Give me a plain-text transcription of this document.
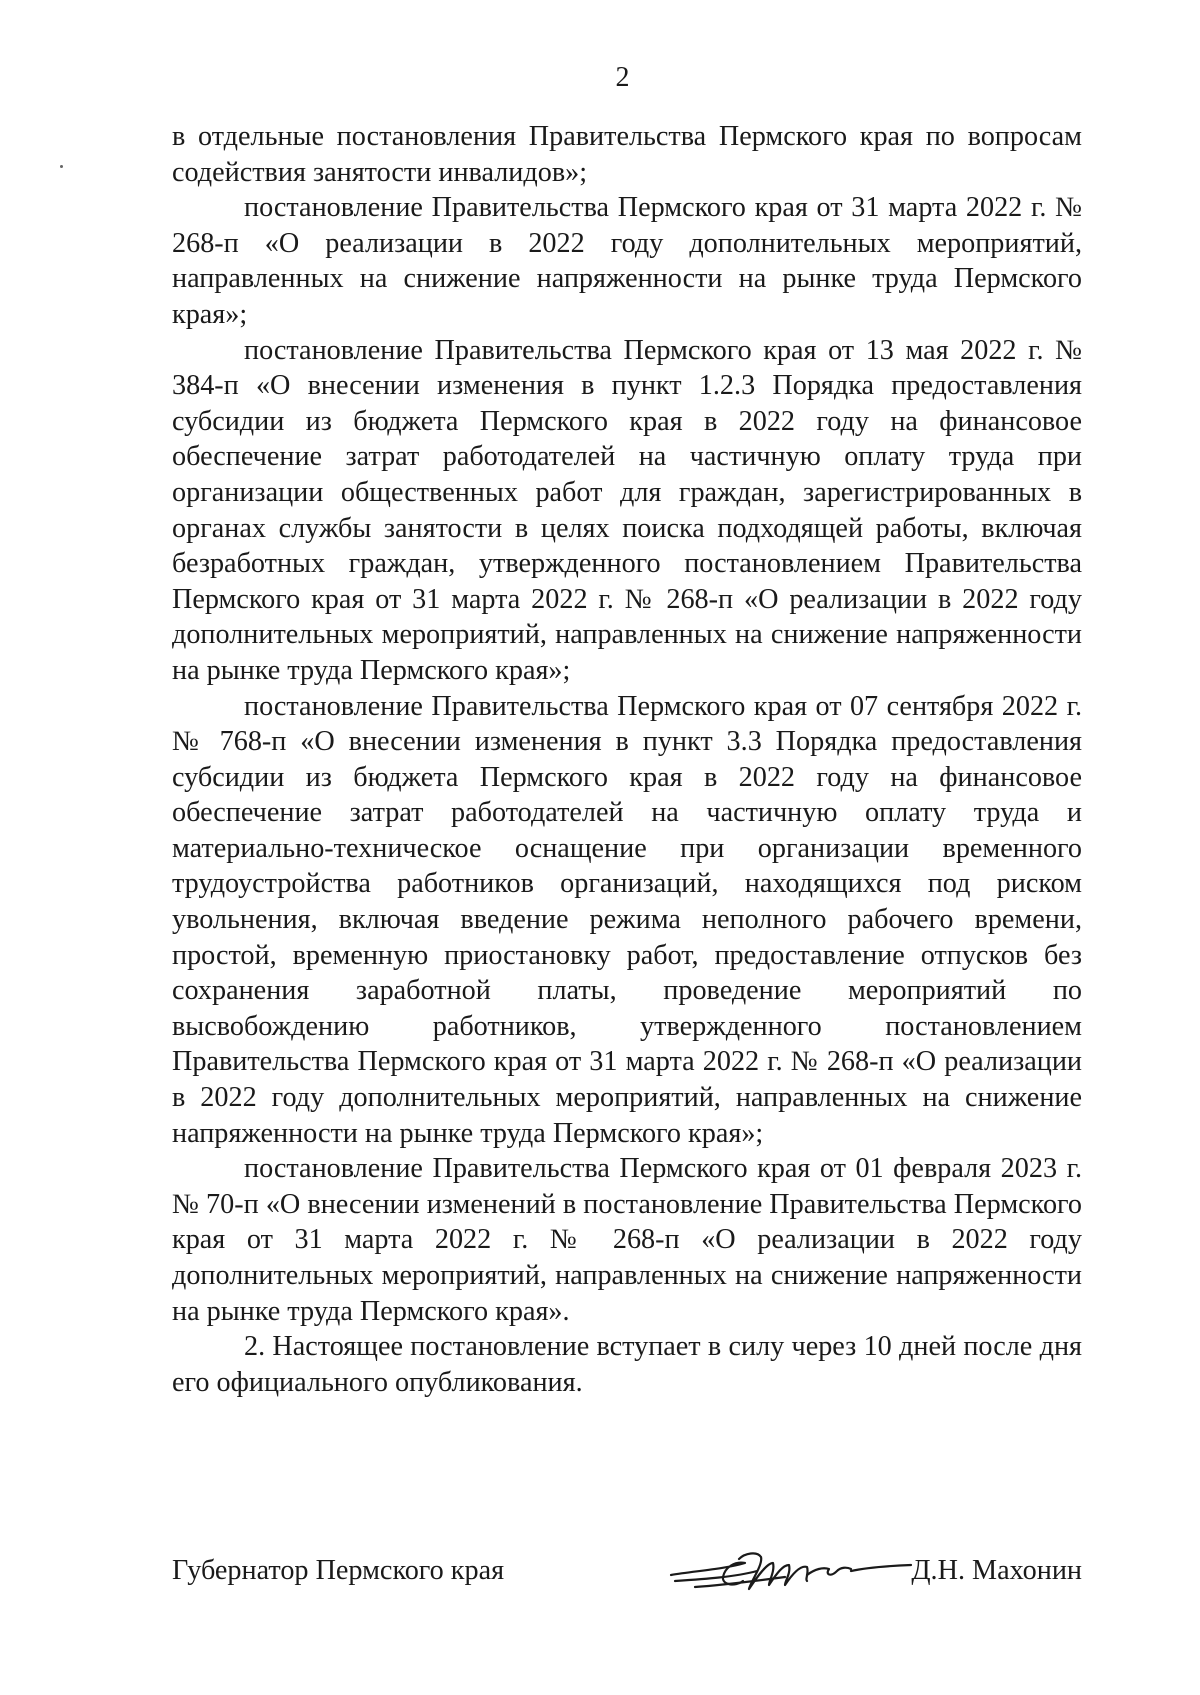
2

в отдельные постановления Правительства Пермского края по вопросам содействия занятости инвалидов»;

постановление Правительства Пермского края от 31 марта 2022 г. № 268-п «О реализации в 2022 году дополнительных мероприятий, направленных на снижение напряженности на рынке труда Пермского края»;

постановление Правительства Пермского края от 13 мая 2022 г. № 384-п «О внесении изменения в пункт 1.2.3 Порядка предоставления субсидии из бюджета Пермского края в 2022 году на финансовое обеспечение затрат работодателей на частичную оплату труда при организации общественных работ для граждан, зарегистрированных в органах службы занятости в целях поиска подходящей работы, включая безработных граждан, утвержденного постановлением Правительства Пермского края от 31 марта 2022 г. № 268-п «О реализации в 2022 году дополнительных мероприятий, направленных на снижение напряженности на рынке труда Пермского края»;

постановление Правительства Пермского края от 07 сентября 2022 г. № 768-п «О внесении изменения в пункт 3.3 Порядка предоставления субсидии из бюджета Пермского края в 2022 году на финансовое обеспечение затрат работодателей на частичную оплату труда и материально-техническое оснащение при организации временного трудоустройства работников организаций, находящихся под риском увольнения, включая введение режима неполного рабочего времени, простой, временную приостановку работ, предоставление отпусков без сохранения заработной платы, проведение мероприятий по высвобождению работников, утвержденного постановлением Правительства Пермского края от 31 марта 2022 г. № 268-п «О реализации в 2022 году дополнительных мероприятий, направленных на снижение напряженности на рынке труда Пермского края»;

постановление Правительства Пермского края от 01 февраля 2023 г. № 70-п «О внесении изменений в постановление Правительства Пермского края от 31 марта 2022 г. № 268-п «О реализации в 2022 году дополнительных мероприятий, направленных на снижение напряженности на рынке труда Пермского края».

2. Настоящее постановление вступает в силу через 10 дней после дня его официального опубликования.

Губернатор Пермского края	Д.Н. Махонин
